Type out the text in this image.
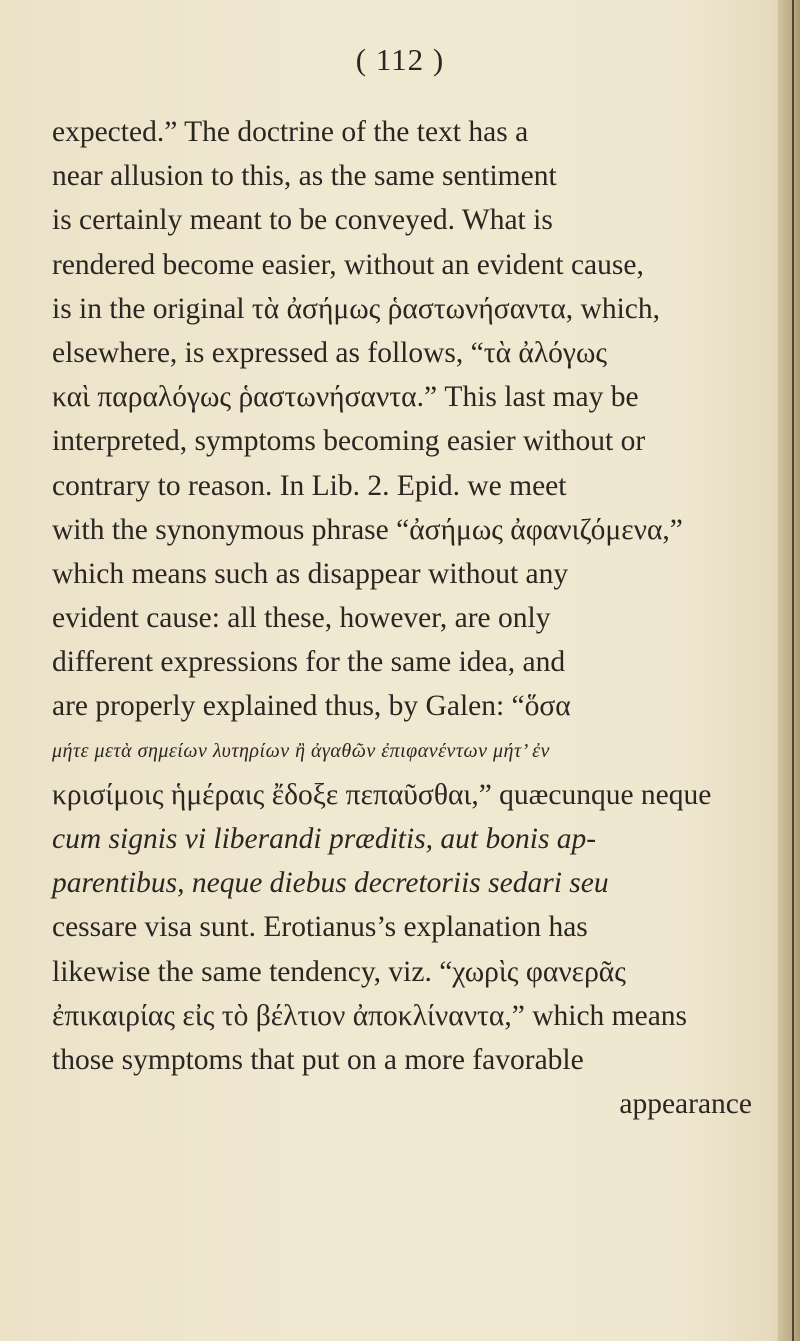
( 112 )
expected.” The doctrine of the text has a
near allusion to this, as the same sentiment
is certainly meant to be conveyed. What is
rendered become easier, without an evident cause,
is in the original τὰ ἀσήμως ῥαστωνήσαντα, which,
elsewhere, is expressed as follows, “τὰ ἀλόγως
καὶ παραλόγως ῥαστωνήσαντα.” This last may be
interpreted, symptoms becoming easier without or
contrary to reason. In Lib. 2. Epid. we meet
with the synonymous phrase “ἀσήμως ἀφανιζόμενα,”
which means such as disappear without any
evident cause: all these, however, are only
different expressions for the same idea, and
are properly explained thus, by Galen: “ὅσα
μήτε μετὰ σημείων λυτηρίων ἢ ἀγαθῶν ἐπιφανέντων μήτ’ ἐν
κρισίμοις ἡμέραις ἔδοξε πεπαῦσθαι,” quæcunque neque
cum signis vi liberandi præditis, aut bonis ap-
parentibus, neque diebus decretoriis sedari seu
cessare visa sunt. Erotianus’s explanation has
likewise the same tendency, viz. “χωρὶς φανερᾶς
ἐπικαιρίας εἰς τὸ βέλτιον ἀποκλίναντα,” which means
those symptoms that put on a more favorable
appearance
